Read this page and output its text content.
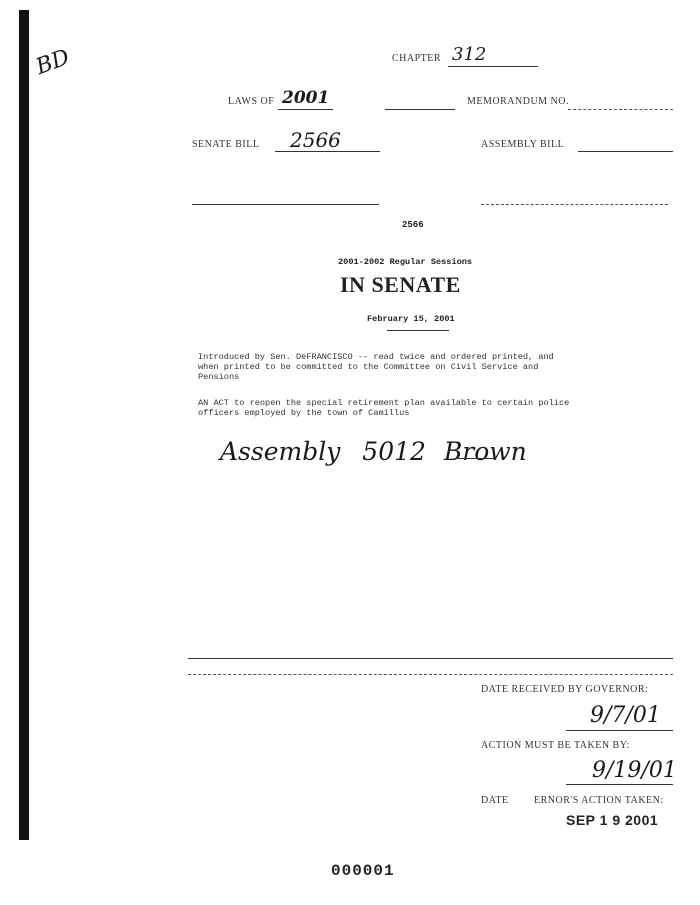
BD	CHAPTER 312
LAWS OF 2001	MEMORANDUM NO.
SENATE BILL 2566	ASSEMBLY BILL
2566
2001-2002 Regular Sessions
IN SENATE
February 15, 2001
Introduced by Sen. DeFRANCISCO -- read twice and ordered printed, and
when printed to be committed to the Committee on Civil Service and
Pensions
AN ACT to reopen the special retirement plan available to certain police
officers employed by the town of Camillus
Assembly 5012 Brown
DATE RECEIVED BY GOVERNOR:
9/7/01
ACTION MUST BE TAKEN BY:
9/19/01
DATE	ERNOR'S ACTION TAKEN:
SEP 1 9 2001
000001
